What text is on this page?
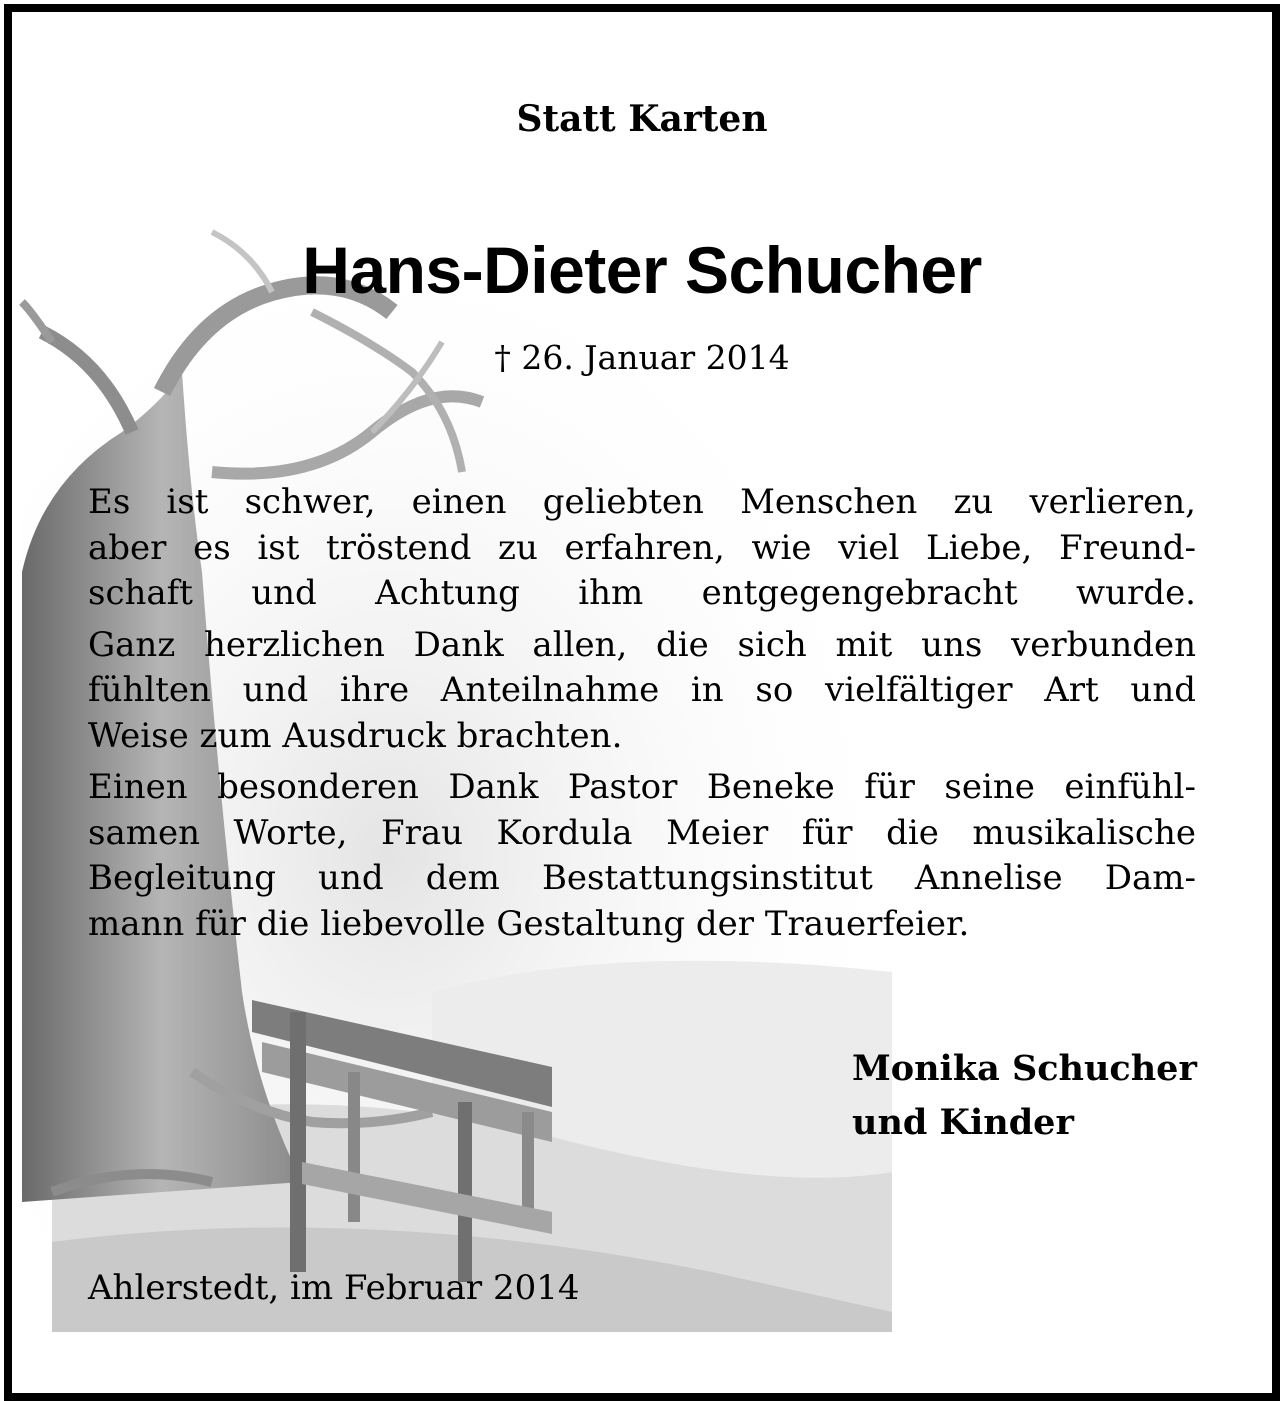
Statt Karten
Hans-Dieter Schucher
† 26. Januar 2014

Es ist schwer, einen geliebten Menschen zu verlieren,
aber es ist tröstend zu erfahren, wie viel Liebe, Freund-
schaft und Achtung ihm entgegengebracht wurde.

Ganz herzlichen Dank allen, die sich mit uns verbunden
fühlten und ihre Anteilnahme in so vielfältiger Art und
Weise zum Ausdruck brachten.

Einen besonderen Dank Pastor Beneke für seine einfühl-
samen Worte, Frau Kordula Meier für die musikalische
Begleitung und dem Bestattungsinstitut Annelise Dam-
mann für die liebevolle Gestaltung der Trauerfeier.

Monika Schucher
und Kinder
Ahlerstedt, im Februar 2014
